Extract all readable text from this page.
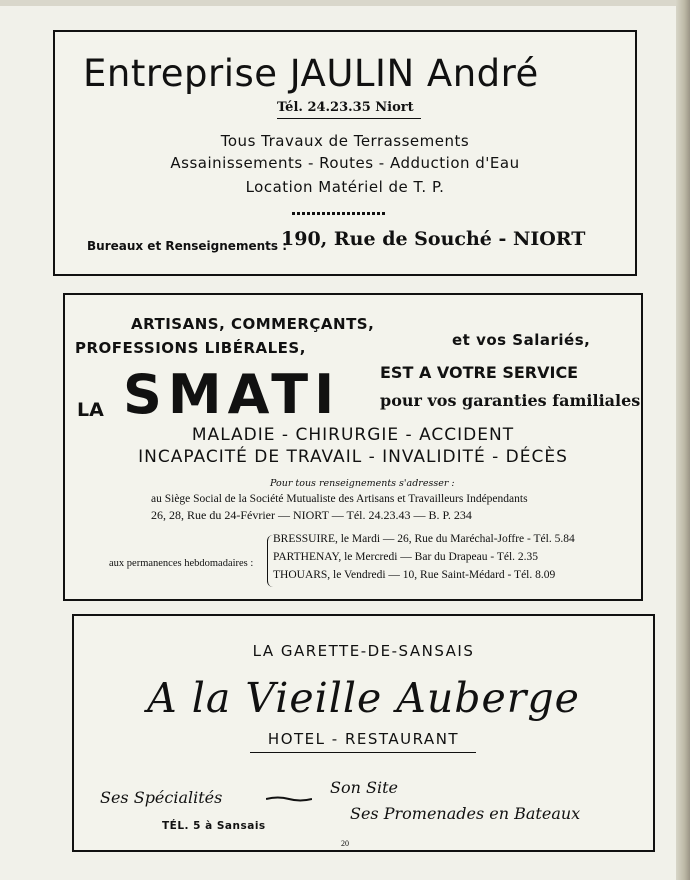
Entreprise JAULIN André
Tél. 24.23.35 Niort
Tous Travaux de Terrassements
Assainissements - Routes - Adduction d'Eau
Location Matériel de T. P.
Bureaux et Renseignements :
190, Rue de Souché - NIORT
ARTISANS, COMMERÇANTS,
PROFESSIONS LIBÉRALES,	et vos Salariés,
LA SMATI EST A VOTRE SERVICE
pour vos garanties familiales
MALADIE - CHIRURGIE - ACCIDENT
INCAPACITÉ DE TRAVAIL - INVALIDITÉ - DÉCÈS
Pour tous renseignements s'adresser :
au Siège Social de la Société Mutualiste des Artisans et Travailleurs Indépendants
26, 28, Rue du 24-Février — NIORT — Tél. 24.23.43 — B. P. 234
aux permanences hebdomadaires :
BRESSUIRE, le Mardi — 26, Rue du Maréchal-Joffre - Tél. 5.84
PARTHENAY, le Mercredi — Bar du Drapeau - Tél. 2.35
THOUARS, le Vendredi — 10, Rue Saint-Médard - Tél. 8.09
LA GARETTE-DE-SANSAIS
A la Vieille Auberge
HOTEL - RESTAURANT
Ses Spécialités
Son Site
Ses Promenades en Bateaux
TÉL. 5 à Sansais
20
